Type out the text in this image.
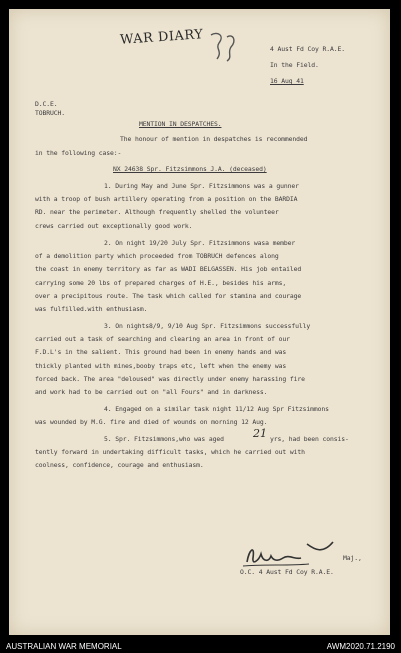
WAR DIARY
4 Aust Fd Coy R.A.E.
In the Field.
16 Aug 41
D.C.E.
TOBRUCH.
MENTION IN DESPATCHES.
The honour of mention in despatches is recommended
in the following case:-
NX 24638 Spr. Fitzsimmons J.A. (deceased)
1. During May and June Spr. Fitzsimmons was a gunner
with a troop of bush artillery operating from a position on the BARDIA
RD. near the perimeter. Although frequently shelled the volunteer
crews carried out exceptionally good work.
2. On night 19/20 July Spr. Fitzsimmons wasa member
of a demolition party which proceeded from TOBRUCH defences along
the coast in enemy territory as far as WADI BELGASSEN. His job entailed
carrying some 20 lbs of prepared charges of H.E., besides his arms,
over a precipitous route. The task which called for stamina and courage
was fulfilled.with enthusiasm.
3. On nights8/9, 9/10 Aug Spr. Fitzsimmons successfully
carried out a task of searching and clearing an area in front of our
F.D.L's in the salient. This ground had been in enemy hands and was
thickly planted with mines,booby traps etc, left when the enemy was
forced back. The area "deloused" was directly under enemy harassing fire
and work had to be carried out on "all Fours" and in darkness.
4. Engaged on a similar task night 11/12 Aug Spr Fitzsimmons
was wounded by M.G. fire and died of wounds on morning 12 Aug.
5. Spr. Fitzsimmons,who was aged	21 yrs, had been consis-
tently forward in undertaking difficult tasks, which he carried out with
coolness, confidence, courage and enthusiasm.
Maj.,
O.C. 4 Aust Fd Coy R.A.E.
AUSTRALIAN WAR MEMORIAL	AWM2020.71.2190
